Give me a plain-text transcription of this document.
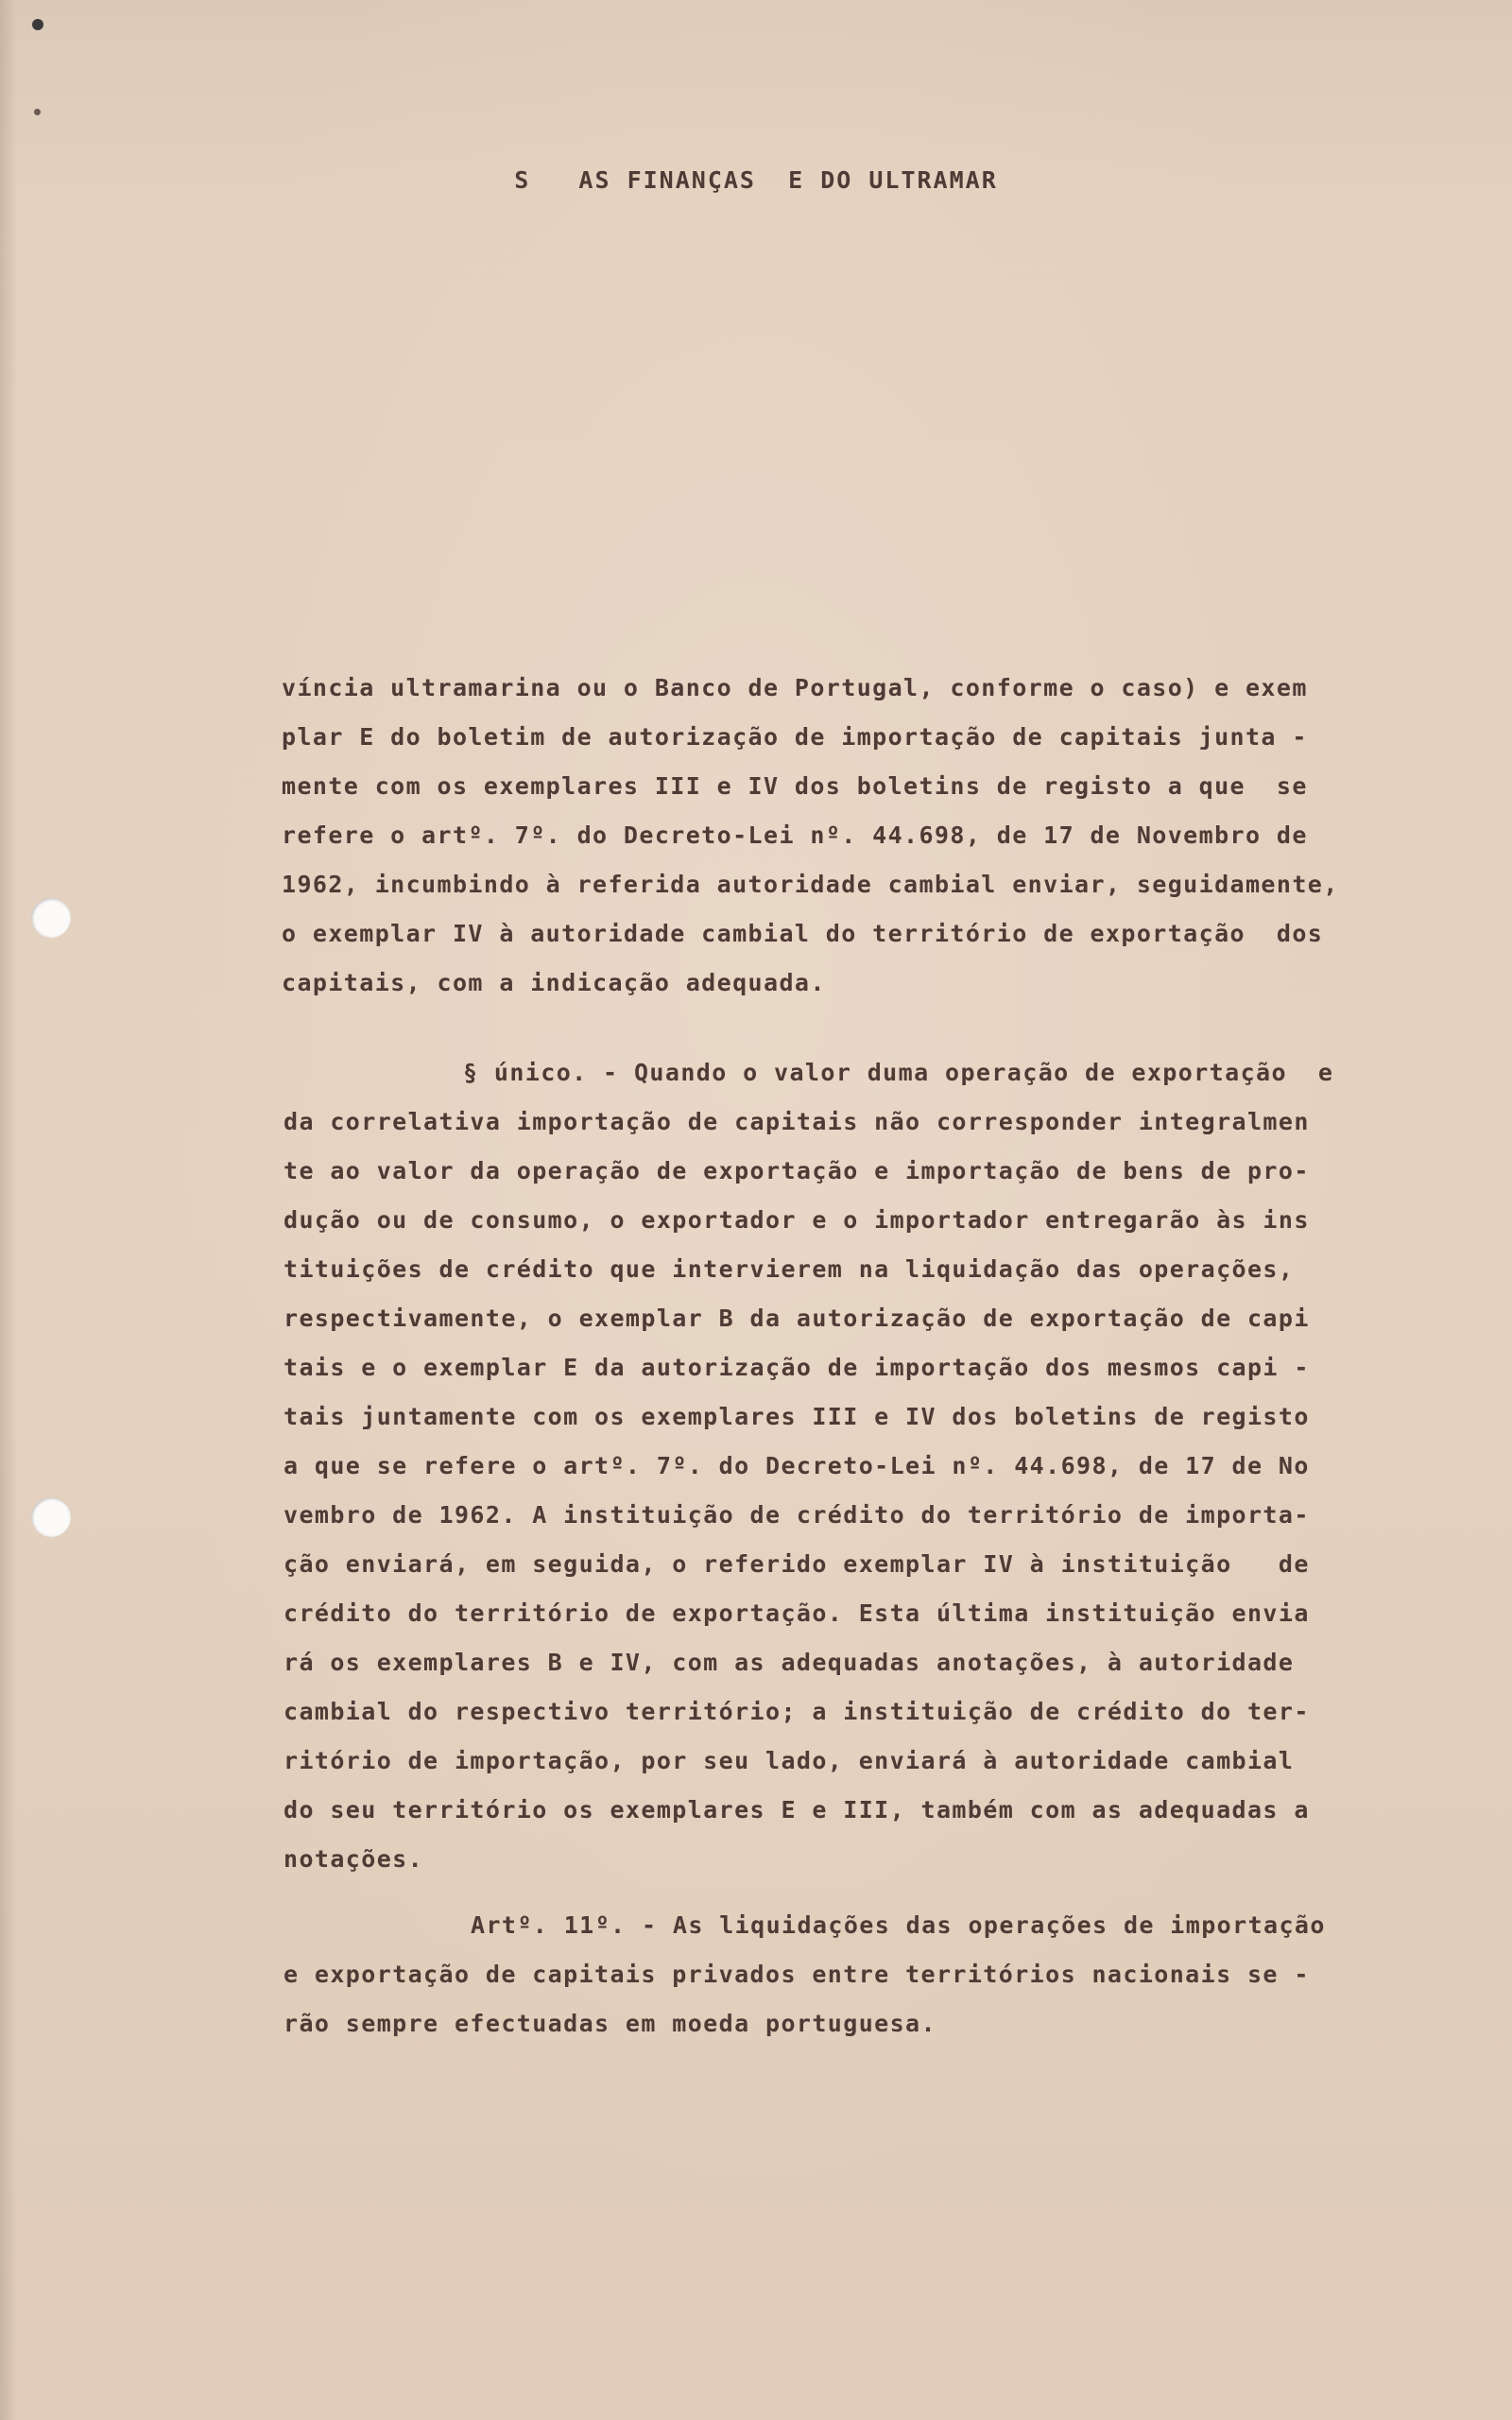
S   AS FINANÇAS  E DO ULTRAMAR
víncia ultramarina ou o Banco de Portugal, conforme o caso) e exem
plar E do boletim de autorização de importação de capitais junta -
mente com os exemplares III e IV dos boletins de registo a que  se
refere o artº. 7º. do Decreto-Lei nº. 44.698, de 17 de Novembro de
1962, incumbindo à referida autoridade cambial enviar, seguidamente,
o exemplar IV à autoridade cambial do território de exportação  dos
capitais, com a indicação adequada.
§ único. - Quando o valor duma operação de exportação  e
da correlativa importação de capitais não corresponder integralmen
te ao valor da operação de exportação e importação de bens de pro-
dução ou de consumo, o exportador e o importador entregarão às ins
tituições de crédito que intervierem na liquidação das operações,
respectivamente, o exemplar B da autorização de exportação de capi
tais e o exemplar E da autorização de importação dos mesmos capi -
tais juntamente com os exemplares III e IV dos boletins de registo
a que se refere o artº. 7º. do Decreto-Lei nº. 44.698, de 17 de No
vembro de 1962. A instituição de crédito do território de importa-
ção enviará, em seguida, o referido exemplar IV à instituição   de
crédito do território de exportação. Esta última instituição envia
rá os exemplares B e IV, com as adequadas anotações, à autoridade
cambial do respectivo território; a instituição de crédito do ter-
ritório de importação, por seu lado, enviará à autoridade cambial
do seu território os exemplares E e III, também com as adequadas a
notações.
Artº. 11º. - As liquidações das operações de importação
e exportação de capitais privados entre territórios nacionais se -
rão sempre efectuadas em moeda portuguesa.
